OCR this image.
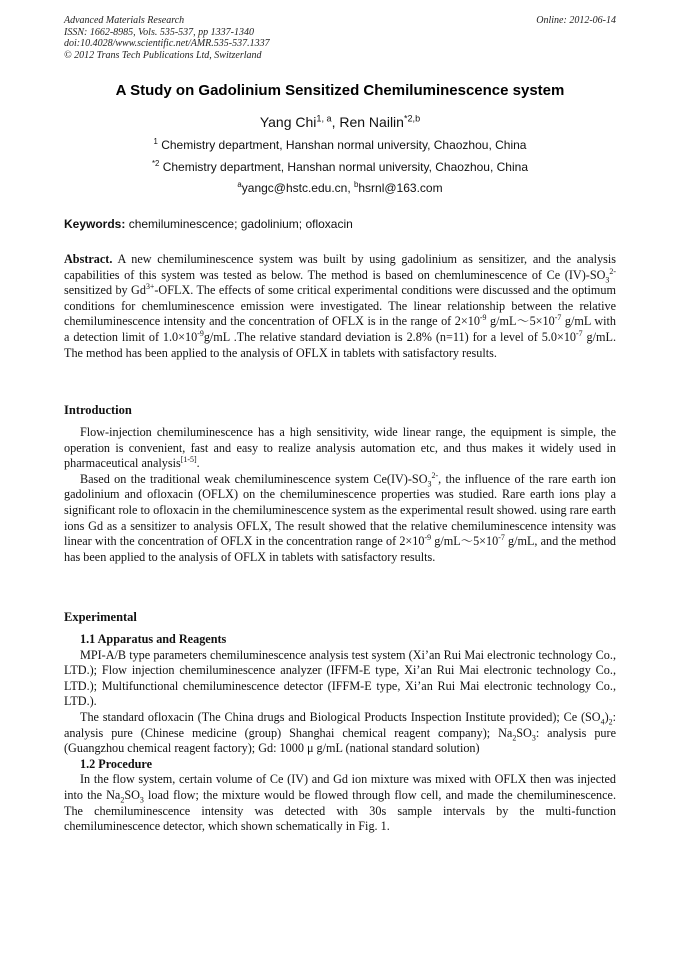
Advanced Materials Research
ISSN: 1662-8985, Vols. 535-537, pp 1337-1340
doi:10.4028/www.scientific.net/AMR.535-537.1337
© 2012 Trans Tech Publications Ltd, Switzerland
Online: 2012-06-14
A Study on Gadolinium Sensitized Chemiluminescence system
Yang Chi$^{1, a}$, Ren Nailin$^{*2,b}$
$^1$ Chemistry department, Hanshan normal university, Chaozhou, China
$^{*2}$ Chemistry department, Hanshan normal university, Chaozhou, China
$^a$yangc@hstc.edu.cn, $^b$hsrnl@163.com
Keywords: chemiluminescence; gadolinium; ofloxacin

Abstract. A new chemiluminescence system was built by using gadolinium as sensitizer, and the analysis capabilities of this system was tested as below. The method is based on chemluminescence of Ce $(IV)-SO_3^{2-}$ sensitized by $Gd^{3+}$-OFLX. The effects of some critical experimental conditions were discussed and the optimum conditions for chemluminescence emission were investigated. The linear relationship between the relative chemiluminescence intensity and the concentration of OFLX is in the range of $2\times 10^{-9}$ $g/mL\sim 5\times 10^{-7}$ g/mL with a detection limit of $1.0\times 10^{-9}g/mL$ .The relative standard deviation is 2.8% (n=11) for a level of $5.0\times 10^{-7}$ g/mL. The method has been applied to the analysis of OFLX in tablets with satisfactory results.

Introduction

Flow-injection chemiluminescence has a high sensitivity, wide linear range, the equipment is simple, the operation is convenient, fast and easy to realize analysis automation etc, and thus makes it widely used in pharmaceutical analysis[1-5].

Based on the traditional weak chemiluminescence system $Ce(IV)-SO_3^{2-}$, the influence of the rare earth ion gadolinium and ofloxacin (OFLX) on the chemiluminescence properties was studied. Rare earth ions play a significant role to ofloxacin in the chemiluminescence system as the experimental result showed. using rare earth ions Gd as a sensitizer to analysis OFLX, The result showed that the relative chemiluminescence intensity was linear with the concentration of OFLX in the concentration range of $2\times 10^{-9}$ $g/mL\sim 5\times 10^{-7}$ g/mL, and the method has been applied to the analysis of OFLX in tablets with satisfactory results.

Experimental

1.1 Apparatus and Reagents

MPI-A/B type parameters chemiluminescence analysis test system (Xi’an Rui Mai electronic technology Co., LTD.); Flow injection chemiluminescence analyzer (IFFM-E type, Xi’an Rui Mai electronic technology Co., LTD.); Multifunctional chemiluminescence detector (IFFM-E type, Xi’an Rui Mai electronic technology Co., LTD.).

The standard ofloxacin (The China drugs and Biological Products Inspection Institute provided); Ce $(SO_4)_2$: analysis pure (Chinese medicine (group) Shanghai chemical reagent company); $Na_2SO_3$: analysis pure (Guangzhou chemical reagent factory); Gd: 1000 μ g/mL (national standard solution)

1.2 Procedure

In the flow system, certain volume of Ce (IV) and Gd ion mixture was mixed with OFLX then was injected into the $Na_2SO_3$ load flow; the mixture would be flowed through flow cell, and made the chemiluminescence. The chemiluminescence intensity was detected with 30s sample intervals by the multi-function chemiluminescence detector, which shown schematically in Fig. 1.
